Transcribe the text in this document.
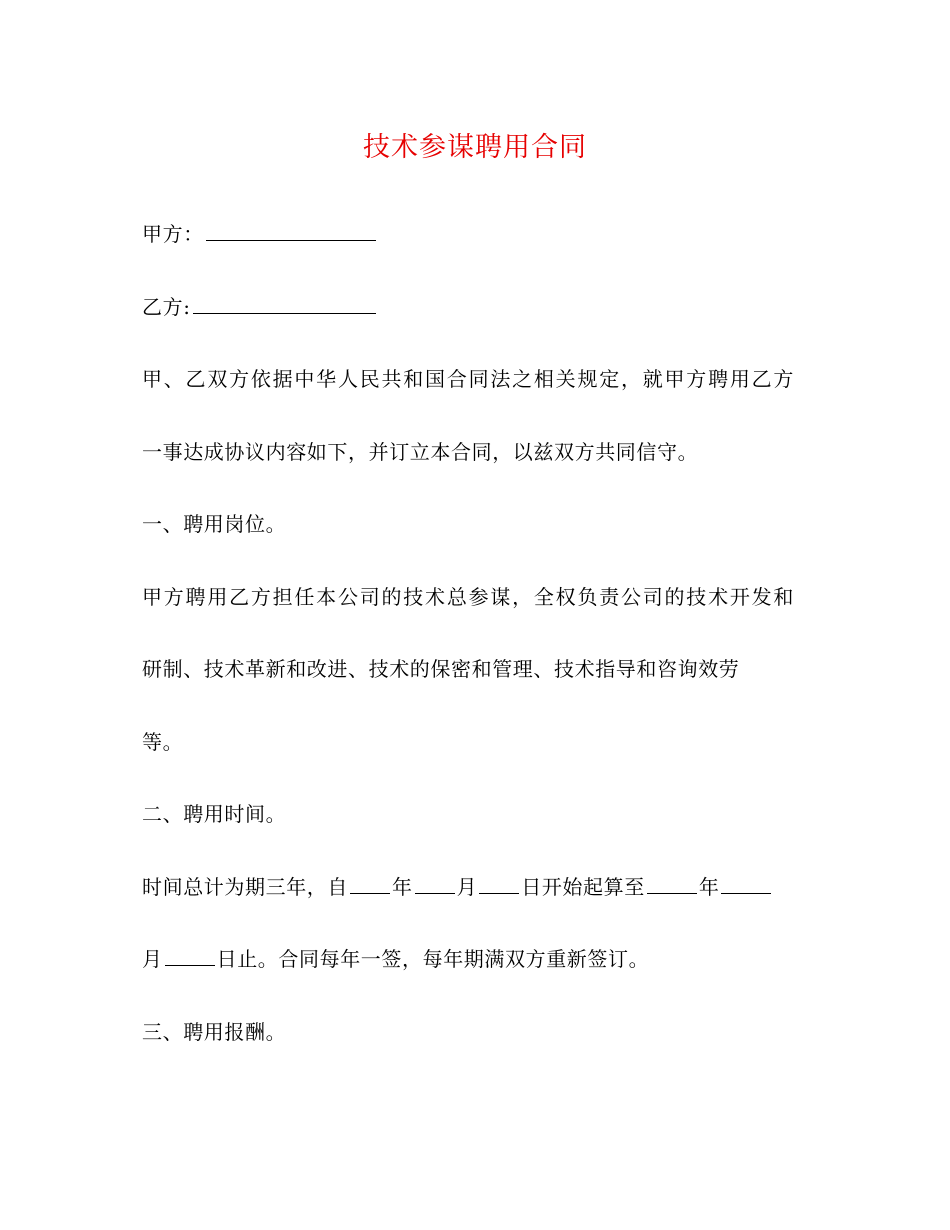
技术参谋聘用合同
甲方：
乙方:
甲、乙双方依据中华人民共和国合同法之相关规定，就甲方聘用乙方
一事达成协议内容如下，并订立本合同，以兹双方共同信守。
一、聘用岗位。
甲方聘用乙方担任本公司的技术总参谋，全权负责公司的技术开发和
研制、技术革新和改进、技术的保密和管理、技术指导和咨询效劳
等。
二、聘用时间。
时间总计为期三年，自 年 月 日开始起算至	年
月	日止。合同每年一签，每年期满双方重新签订。
三、聘用报酬。
